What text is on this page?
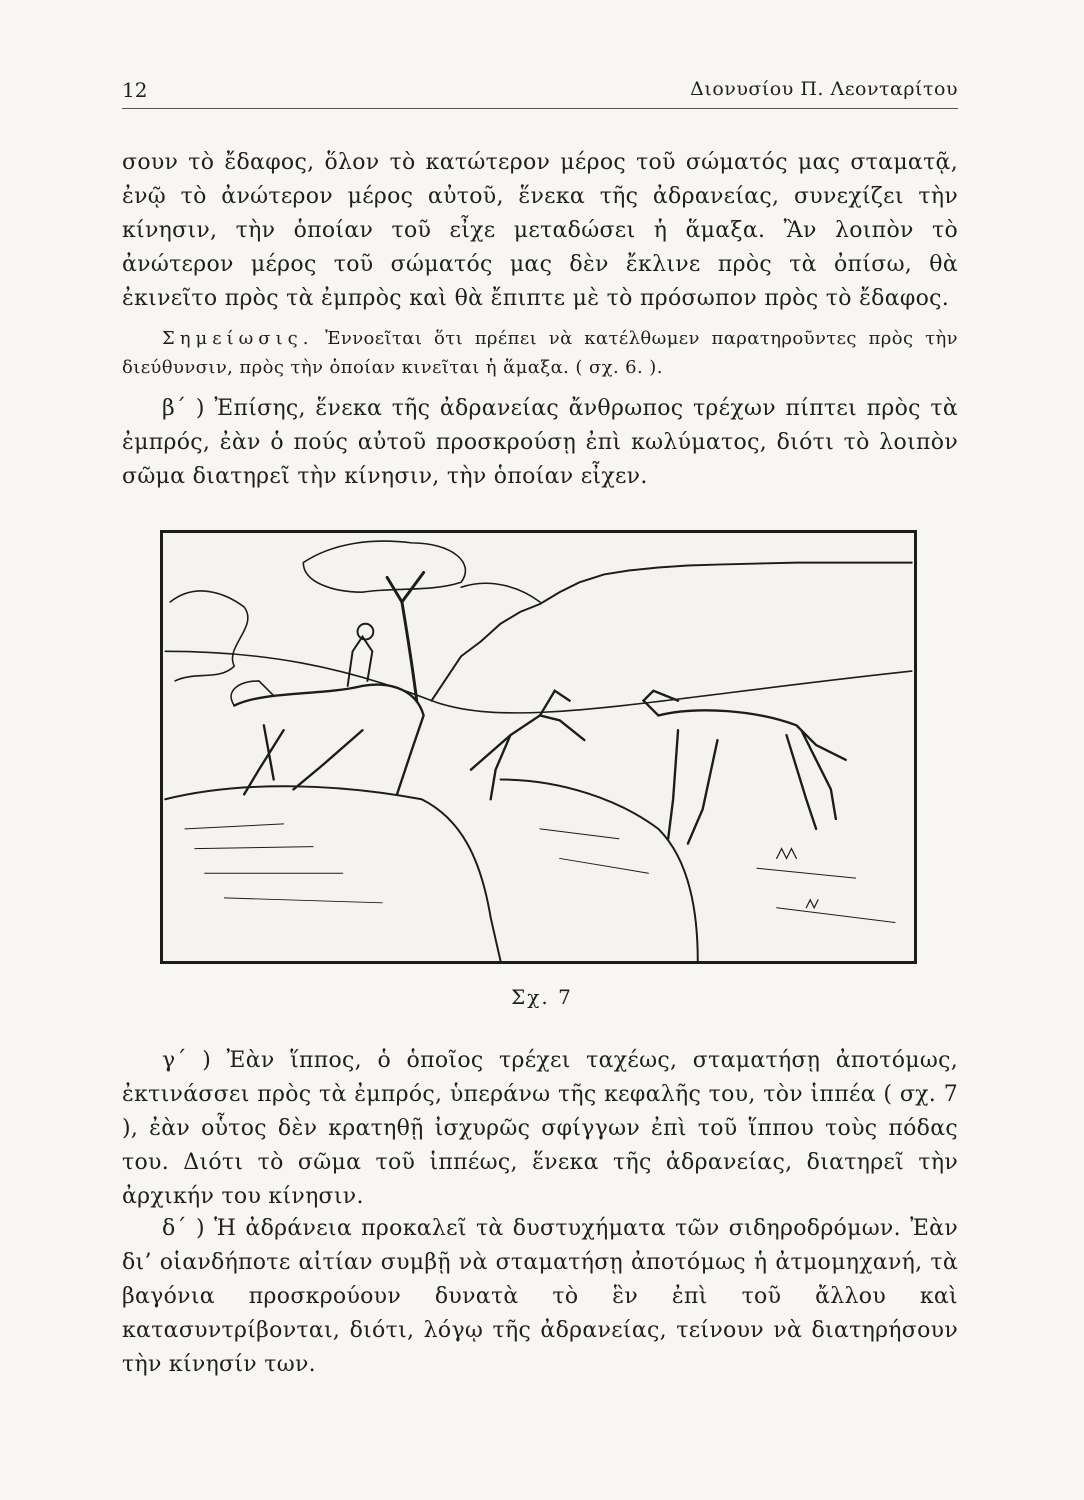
12	Διονυσίου Π. Λεονταρίτου

σουν τὸ ἔδαφος, ὅλον τὸ κατώτερον μέρος τοῦ σώματός μας σταματᾷ, ἐνῷ τὸ ἀνώτερον μέρος αὐτοῦ, ἕνεκα τῆς ἀδρανείας, συνεχίζει τὴν κίνησιν, τὴν ὁποίαν τοῦ εἶχε μεταδώσει ἡ ἅμαξα. Ἂν λοιπὸν τὸ ἀνώτερον μέρος τοῦ σώματός μας δὲν ἔκλινε πρὸς τὰ ὀπίσω, θὰ ἐκινεῖτο πρὸς τὰ ἐμπρὸς καὶ θὰ ἔπιπτε μὲ τὸ πρόσωπον πρὸς τὸ ἔδαφος.

Σημείωσις. Ἐννοεῖται ὅτι πρέπει νὰ κατέλθωμεν παρατηροῦντες πρὸς τὴν διεύθυνσιν, πρὸς τὴν ὁποίαν κινεῖται ἡ ἅμαξα. ( σχ. 6. ).

β΄ ) Ἐπίσης, ἕνεκα τῆς ἀδρανείας ἄνθρωπος τρέχων πίπτει πρὸς τὰ ἐμπρός, ἐὰν ὁ πούς αὐτοῦ προσκρούσῃ ἐπὶ κωλύματος, διότι τὸ λοιπὸν σῶμα διατηρεῖ τὴν κίνησιν, τὴν ὁποίαν εἶχεν.

Σχ. 7

γ΄ ) Ἐὰν ἵππος, ὁ ὁποῖος τρέχει ταχέως, σταματήσῃ ἀποτόμως, ἐκτινάσσει πρὸς τὰ ἐμπρός, ὑπεράνω τῆς κεφαλῆς του, τὸν ἱππέα ( σχ. 7 ), ἐὰν οὗτος δὲν κρατηθῇ ἰσχυρῶς σφίγγων ἐπὶ τοῦ ἵππου τοὺς πόδας του. Διότι τὸ σῶμα τοῦ ἱππέως, ἕνεκα τῆς ἀδρανείας, διατηρεῖ τὴν ἀρχικήν του κίνησιν.

δ΄ ) Ἡ ἀδράνεια προκαλεῖ τὰ δυστυχήματα τῶν σιδηροδρόμων. Ἐὰν δι’ οἱανδήποτε αἰτίαν συμβῇ νὰ σταματήσῃ ἀποτόμως ἡ ἀτμομηχανή, τὰ βαγόνια προσκρούουν δυνατὰ τὸ ἓν ἐπὶ τοῦ ἄλλου καὶ κατασυντρίβονται, διότι, λόγῳ τῆς ἀδρανείας, τείνουν νὰ διατηρήσουν τὴν κίνησίν των.
